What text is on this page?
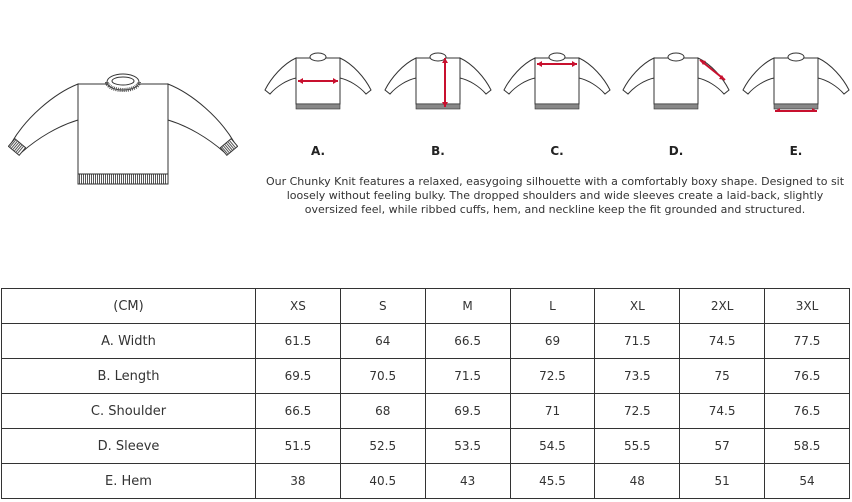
A.	B.	C.	D.	E.

Our Chunky Knit features a relaxed, easygoing silhouette with a comfortably boxy shape. Designed to sit loosely without feeling bulky. The dropped shoulders and wide sleeves create a laid-back, slightly oversized feel, while ribbed cuffs, hem, and neckline keep the fit grounded and structured.

(CM)	XS	S	M	L	XL	2XL	3XL
A. Width	61.5	64	66.5	69	71.5	74.5	77.5
B. Length	69.5	70.5	71.5	72.5	73.5	75	76.5
C. Shoulder	66.5	68	69.5	71	72.5	74.5	76.5
D. Sleeve	51.5	52.5	53.5	54.5	55.5	57	58.5
E. Hem	38	40.5	43	45.5	48	51	54
